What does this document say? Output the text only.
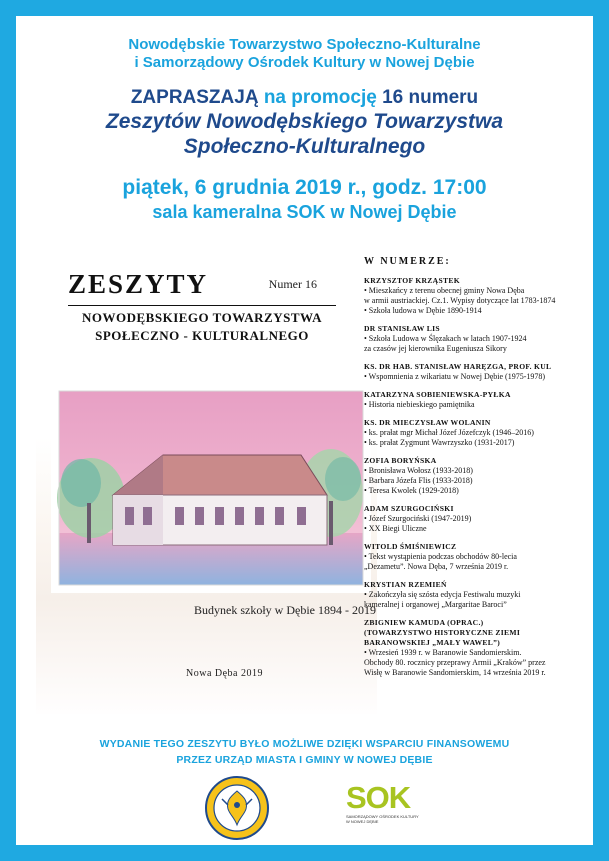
Nowodębskie Towarzystwo Społeczno-Kulturalne
i Samorządowy Ośrodek Kultury w Nowej Dębie
ZAPRASZAJĄ na promocję 16 numeru
Zeszytów Nowodębskiego Towarzystwa
Społeczno-Kulturalnego
piątek, 6 grudnia 2019 r., godz. 17:00
sala kameralna SOK w Nowej Dębie
ZESZYTY	Numer 16
NOWODĘBSKIEGO TOWARZYSTWA
SPOŁECZNO - KULTURALNEGO
Budynek szkoły w Dębie 1894 - 2019
Nowa Dęba 2019
W NUMERZE:
KRZYSZTOF KRZĄSTEK
• Mieszkańcy z terenu obecnej gminy Nowa Dęba
w armii austriackiej. Cz.1. Wypisy dotyczące lat 1783-1874
• Szkoła ludowa w Dębie 1890-1914
DR STANISŁAW LIS
• Szkoła Ludowa w Ślęzakach w latach 1907-1924
za czasów jej kierownika Eugeniusza Sikory
KS. DR HAB. STANISŁAW HARĘZGA, PROF. KUL
• Wspomnienia z wikariatu w Nowej Dębie (1975-1978)
KATARZYNA SOBIENIEWSKA-PYŁKA
• Historia niebieskiego pamiętnika
KS. DR MIECZYSŁAW WOLANIN
• ks. prałat mgr Michał Józef Józefczyk (1946–2016)
• ks. prałat Zygmunt Wawrzyszko (1931-2017)
ZOFIA BORYŃSKA
• Bronisława Wołosz (1933-2018)
• Barbara Józefa Flis (1933-2018)
• Teresa Kwolek (1929-2018)
ADAM SZURGOCIŃSKI
• Józef Szurgociński (1947-2019)
• XX Biegi Uliczne
WITOLD ŚMIŚNIEWICZ
• Tekst wystąpienia podczas obchodów 80-lecia
„Dezametu”. Nowa Dęba, 7 września 2019 r.
KRYSTIAN RZEMIEŃ
• Zakończyła się szósta edycja Festiwalu muzyki
kameralnej i organowej „Margaritae Baroci”
ZBIGNIEW KAMUDA (OPRAC.)
(TOWARZYSTWO HISTORYCZNE ZIEMI
BARANOWSKIEJ „MAŁY WAWEL”)
• Wrzesień 1939 r. w Baranowie Sandomierskim.
Obchody 80. rocznicy przeprawy Armii „Kraków” przez
Wisłę w Baranowie Sandomierskim, 14 września 2019 r.
WYDANIE TEGO ZESZYTU BYŁO MOŻLIWE DZIĘKI WSPARCIU FINANSOWEMU
PRZEZ URZĄD MIASTA I GMINY W NOWEJ DĘBIE
SOK
SAMORZĄDOWY OŚRODEK KULTURY
W NOWEJ DĘBIE
